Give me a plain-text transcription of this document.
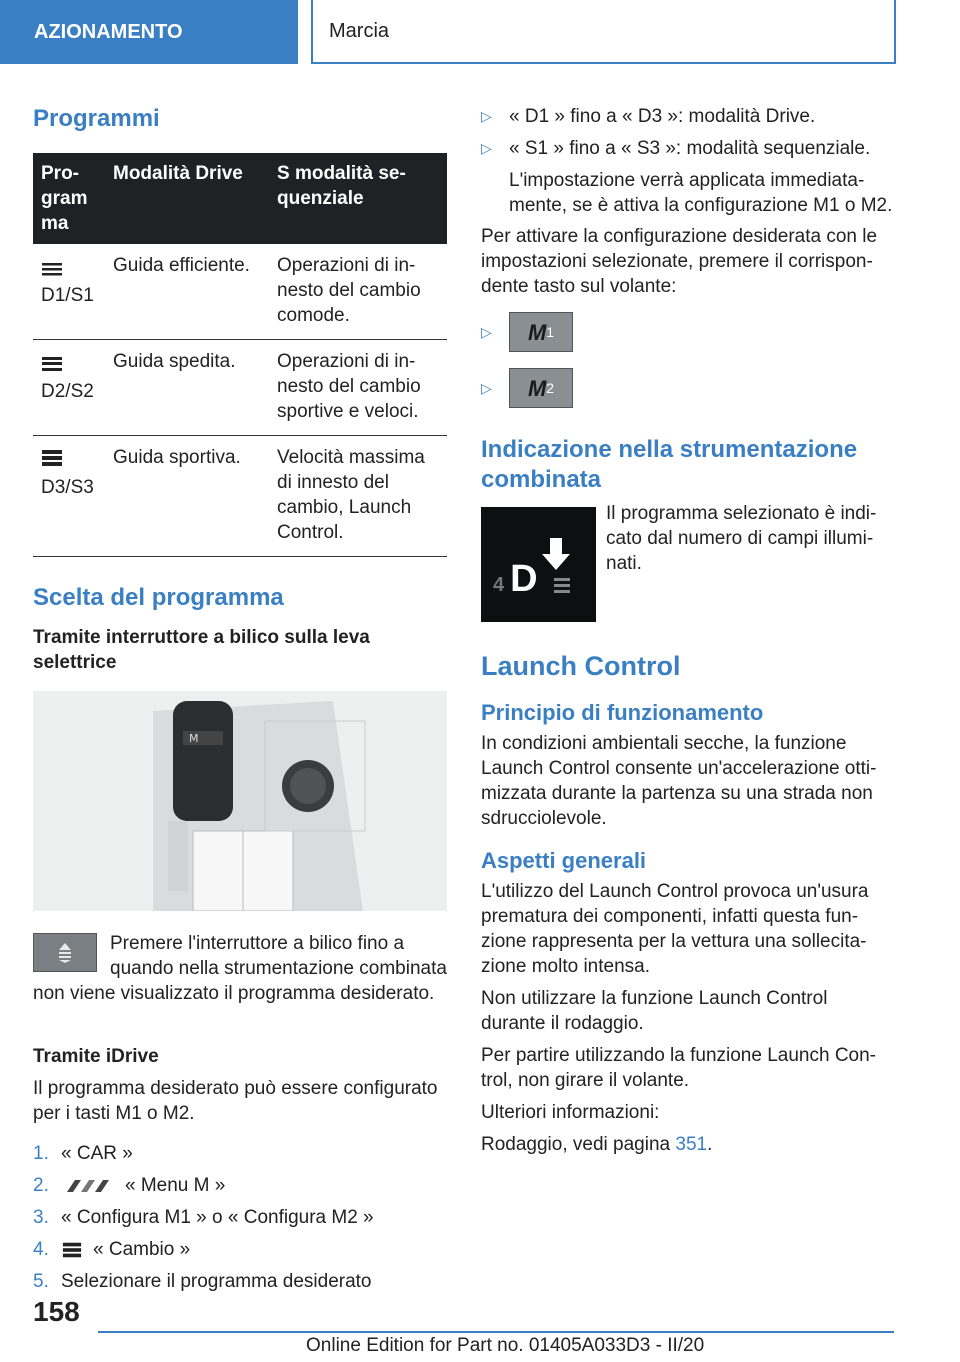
AZIONAMENTO	Marcia
Programmi
Pro-gram ma	Modalità Drive	S modalità se-quenziale

D1/S1	Guida efficiente.	Operazioni di in-nesto del cambio comode.

D2/S2	Guida spedita.	Operazioni di in-nesto del cambio sportive e veloci.

D3/S3	Guida sportiva.	Velocità massima di innesto del cambio, Launch Control.
Scelta del programma
Tramite interruttore a bilico sulla leva selettrice
M

Premere l'interruttore a bilico fino a quando nella strumentazione combinata non viene visualizzato il programma desiderato.

Tramite iDrive

Il programma desiderato può essere configurato per i tasti M1 o M2.

1. « CAR »
2.	« Menu M »
3. « Configura M1 » o « Configura M2 »
4. « Cambio »
5. Selezionare il programma desiderato
▷ « D1 » fino a « D3 »: modalità Drive.
▷ « S1 » fino a « S3 »: modalità sequenziale.

L'impostazione verrà applicata immediata-mente, se è attiva la configurazione M1 o M2.

Per attivare la configurazione desiderata con le impostazioni selezionate, premere il corrispon-dente tasto sul volante:

▷	M 1
▷	M 2
Indicazione nella strumentazione combinata
4 D

Il programma selezionato è indi-cato dal numero di campi illumi-nati.

Launch Control
Principio di funzionamento

In condizioni ambientali secche, la funzione Launch Control consente un'accelerazione otti-mizzata durante la partenza su una strada non sdrucciolevole.

Aspetti generali

L'utilizzo del Launch Control provoca un'usura prematura dei componenti, infatti questa fun-zione rappresenta per la vettura una sollecita-zione molto intensa.

Non utilizzare la funzione Launch Control durante il rodaggio.

Per partire utilizzando la funzione Launch Con-trol, non girare il volante.

Ulteriori informazioni:

Rodaggio, vedi pagina 351.

158
Online Edition for Part no. 01405A033D3 - II/20
